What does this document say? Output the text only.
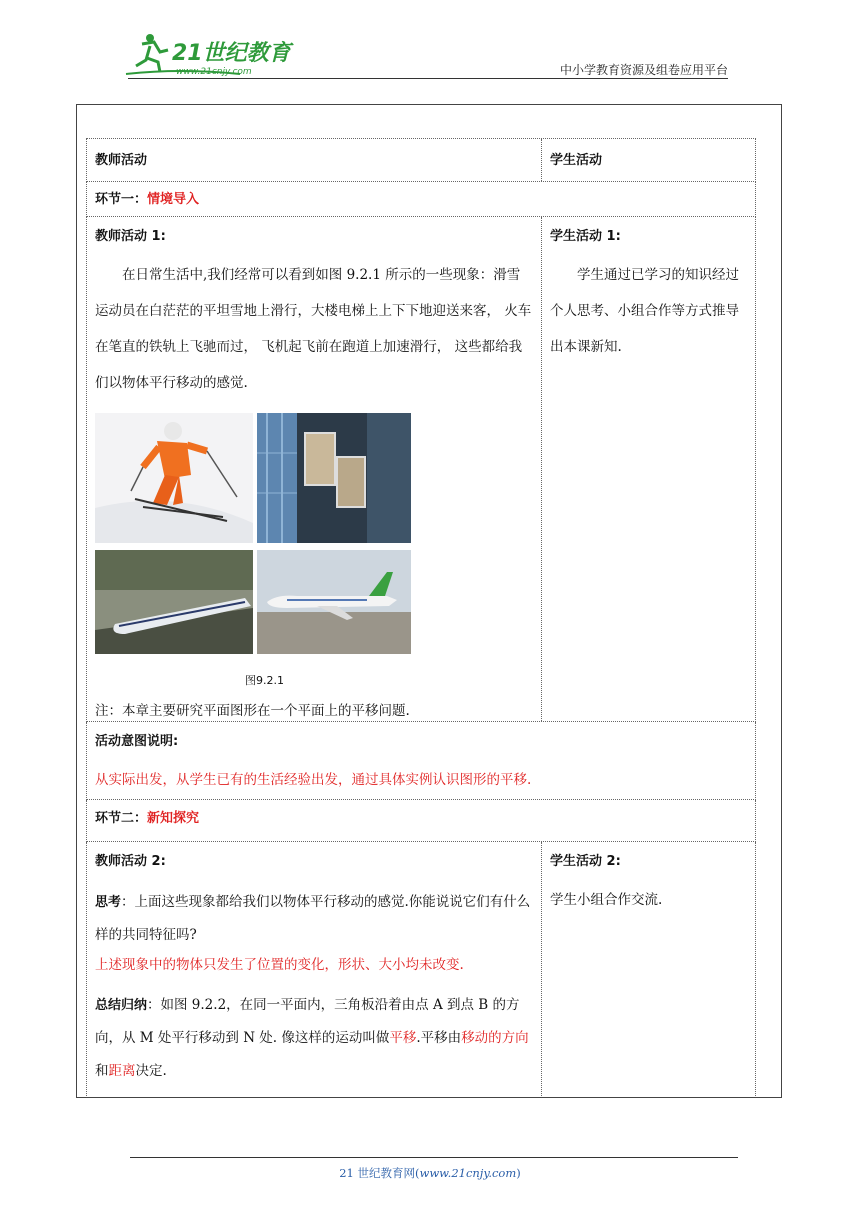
21世纪教育
www.21cnjy.com	中小学教育资源及组卷应用平台
教师活动	学生活动
环节一：情境导入
教师活动 1:
在日常生活中,我们经常可以看到如图 9.2.1 所示的一些现象：滑雪运动员在白茫茫的平坦雪地上滑行，大楼电梯上上下下地迎送来客， 火车在笔直的铁轨上飞驰而过， 飞机起飞前在跑道上加速滑行， 这些都给我们以物体平行移动的感觉.
图9.2.1
注：本章主要研究平面图形在一个平面上的平移问题.
学生活动 1:
学生通过已学习的知识经过个人思考、小组合作等方式推导出本课新知.
活动意图说明:
从实际出发，从学生已有的生活经验出发，通过具体实例认识图形的平移.
环节二：新知探究
教师活动 2:
思考：上面这些现象都给我们以物体平行移动的感觉.你能说说它们有什么样的共同特征吗?
上述现象中的物体只发生了位置的变化，形状、大小均未改变.
总结归纳：如图 9.2.2，在同一平面内，三角板沿着由点 A 到点 B 的方向，从 M 处平行移动到 N 处. 像这样的运动叫做平移.平移由移动的方向和距离决定.
学生活动 2:
学生小组合作交流.
21 世纪教育网(www.21cnjy.com)
